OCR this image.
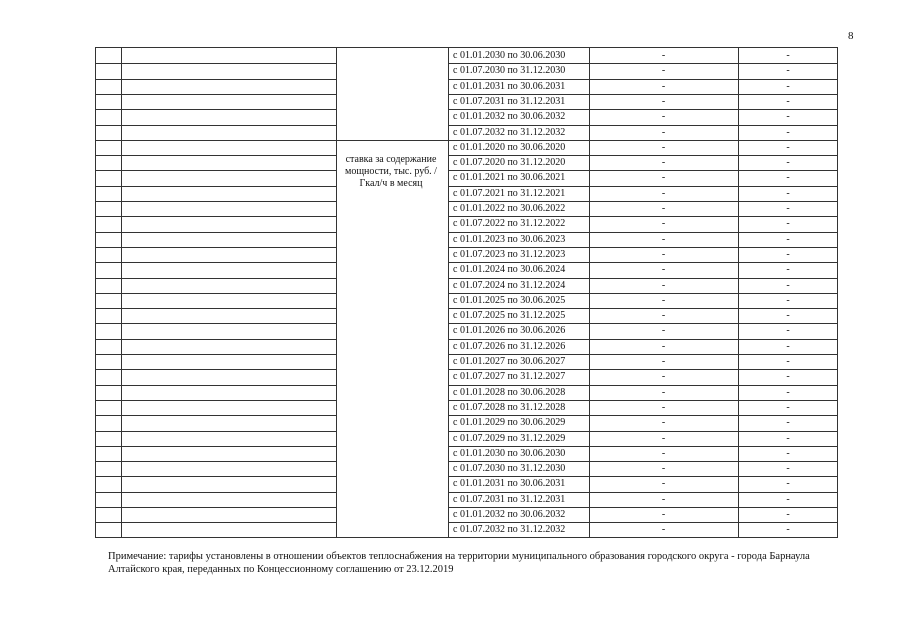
8
ставка за содержание мощности, тыс. руб. /Гкал/ч в месяц
с 01.01.2030 по 30.06.2030	-	-
с 01.07.2030 по 31.12.2030	-	-
с 01.01.2031 по 30.06.2031	-	-
с 01.07.2031 по 31.12.2031	-	-
с 01.01.2032 по 30.06.2032	-	-
с 01.07.2032 по 31.12.2032	-	-
с 01.01.2020 по 30.06.2020	-	-
с 01.07.2020 по 31.12.2020	-	-
с 01.01.2021 по 30.06.2021	-	-
с 01.07.2021 по 31.12.2021	-	-
с 01.01.2022 по 30.06.2022	-	-
с 01.07.2022 по 31.12.2022	-	-
с 01.01.2023 по 30.06.2023	-	-
с 01.07.2023 по 31.12.2023	-	-
с 01.01.2024 по 30.06.2024	-	-
с 01.07.2024 по 31.12.2024	-	-
с 01.01.2025 по 30.06.2025	-	-
с 01.07.2025 по 31.12.2025	-	-
с 01.01.2026 по 30.06.2026	-	-
с 01.07.2026 по 31.12.2026	-	-
с 01.01.2027 по 30.06.2027	-	-
с 01.07.2027 по 31.12.2027	-	-
с 01.01.2028 по 30.06.2028	-	-
с 01.07.2028 по 31.12.2028	-	-
с 01.01.2029 по 30.06.2029	-	-
с 01.07.2029 по 31.12.2029	-	-
с 01.01.2030 по 30.06.2030	-	-
с 01.07.2030 по 31.12.2030	-	-
с 01.01.2031 по 30.06.2031	-	-
с 01.07.2031 по 31.12.2031	-	-
с 01.01.2032 по 30.06.2032	-	-
с 01.07.2032 по 31.12.2032	-	-
Примечание: тарифы установлены в отношении объектов теплоснабжения на территории муниципального образования городского округа - города Барнаула Алтайского края, переданных по Концессионному соглашению от 23.12.2019
